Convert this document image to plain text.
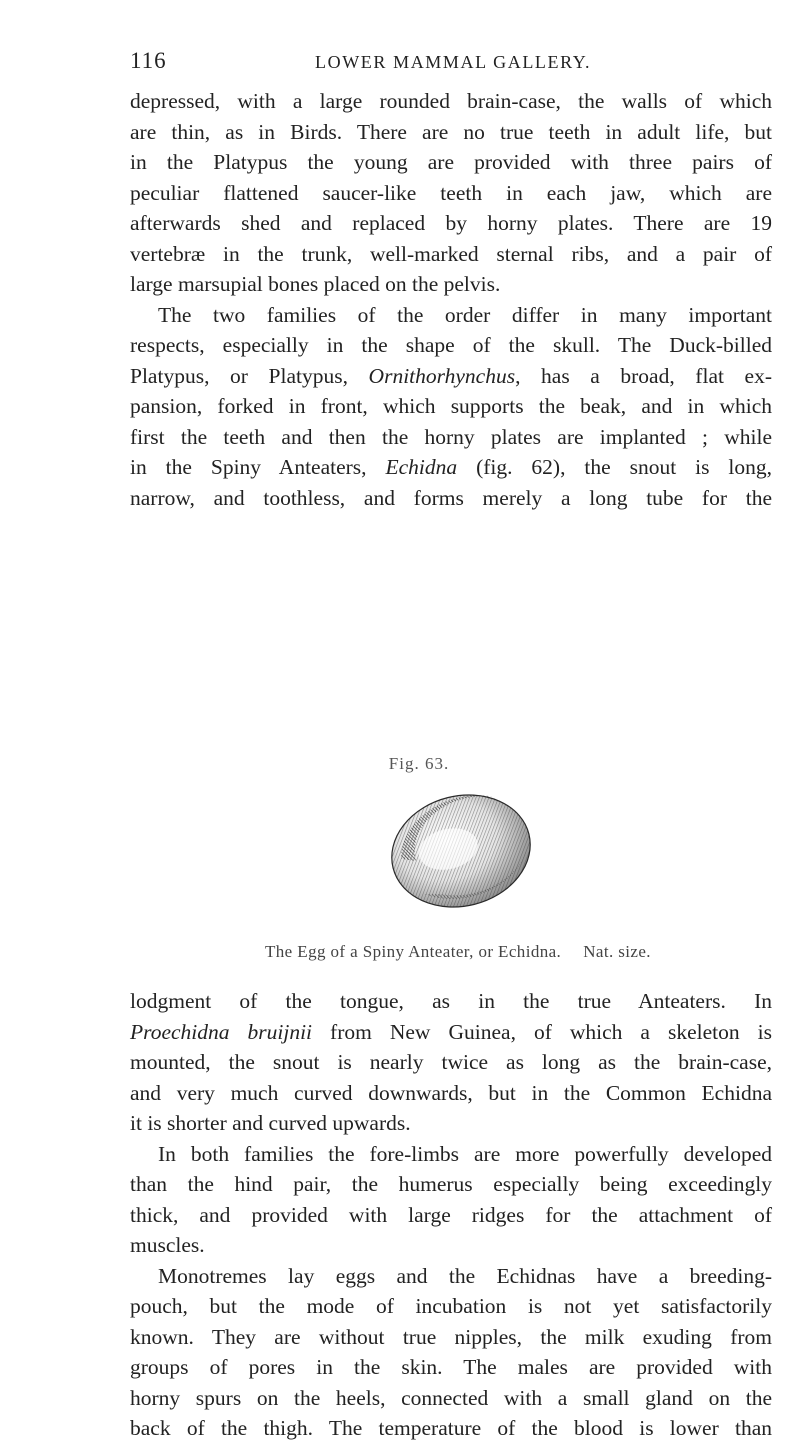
116	LOWER MAMMAL GALLERY.
depressed, with a large rounded brain-case, the walls of which
are thin, as in Birds. There are no true teeth in adult life, but
in the Platypus the young are provided with three pairs of
peculiar flattened saucer-like teeth in each jaw, which are
afterwards shed and replaced by horny plates. There are 19
vertebræ in the trunk, well-marked sternal ribs, and a pair of
large marsupial bones placed on the pelvis.
The two families of the order differ in many important
respects, especially in the shape of the skull. The Duck-billed
Platypus, or Platypus, Ornithorhynchus, has a broad, flat ex-
pansion, forked in front, which supports the beak, and in which
first the teeth and then the horny plates are implanted ; while
in the Spiny Anteaters, Echidna (fig. 62), the snout is long,
narrow, and toothless, and forms merely a long tube for the
Fig. 63.
The Egg of a Spiny Anteater, or Echidna. Nat. size.
lodgment of the tongue, as in the true Anteaters. In
Proechidna bruijnii from New Guinea, of which a skeleton is
mounted, the snout is nearly twice as long as the brain-case,
and very much curved downwards, but in the Common Echidna
it is shorter and curved upwards.
In both families the fore-limbs are more powerfully developed
than the hind pair, the humerus especially being exceedingly
thick, and provided with large ridges for the attachment of
muscles.
Monotremes lay eggs and the Echidnas have a breeding-
pouch, but the mode of incubation is not yet satisfactorily
known. They are without true nipples, the milk exuding from
groups of pores in the skin. The males are provided with
horny spurs on the heels, connected with a small gland on the
back of the thigh. The temperature of the blood is lower than
